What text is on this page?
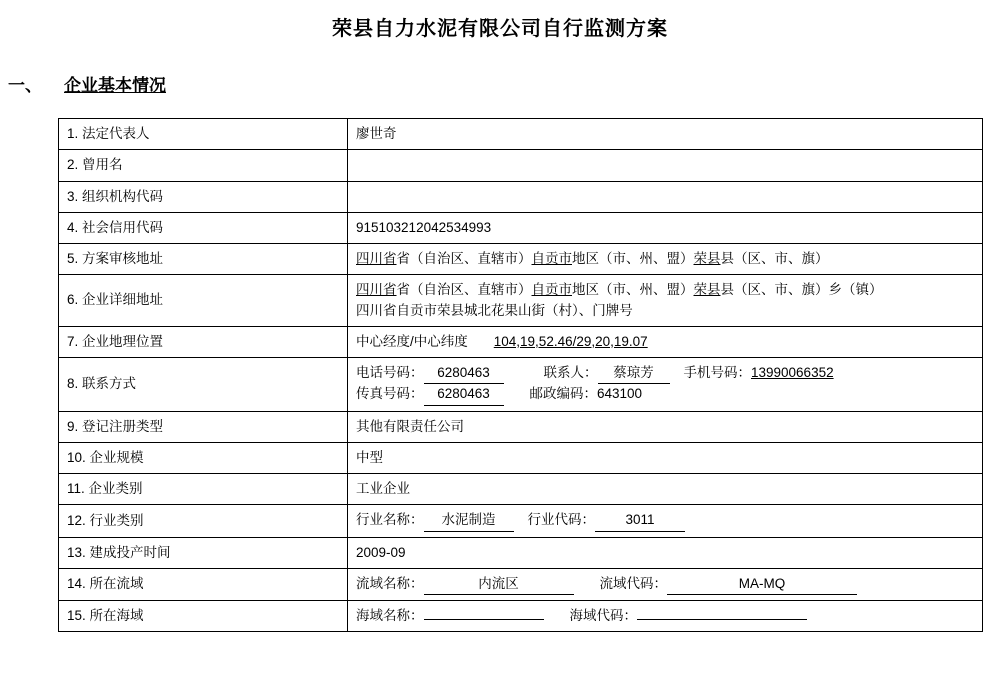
荣县自力水泥有限公司自行监测方案
一、	企业基本情况
1. 法定代表人	廖世奇
2. 曾用名	
3. 组织机构代码	
4. 社会信用代码	915103212042534993
5. 方案审核地址	四川省省（自治区、直辖市）自贡市地区（市、州、盟）荣县县（区、市、旗）
6. 企业详细地址	四川省省（自治区、直辖市）自贡市地区（市、州、盟）荣县县（区、市、旗）乡（镇）
四川省自贡市荣县城北花果山街（村）、门牌号

7. 企业地理位置	中心经度/中心纬度 104,19,52.46/29,20,19.07
8. 联系方式	电话号码： 6280463 联系人： 蔡琼芳 手机号码：13990066352
传真号码： 6280463 邮政编码：643100

9. 登记注册类型	其他有限责任公司
10. 企业规模	中型
11. 企业类别	工业企业
12. 行业类别	行业名称： 水泥制造 行业代码： 3011
13. 建成投产时间	2009-09
14. 所在流域	流域名称： 内流区 流域代码： MA-MQ
15. 所在海域	海域名称： 海域代码：
